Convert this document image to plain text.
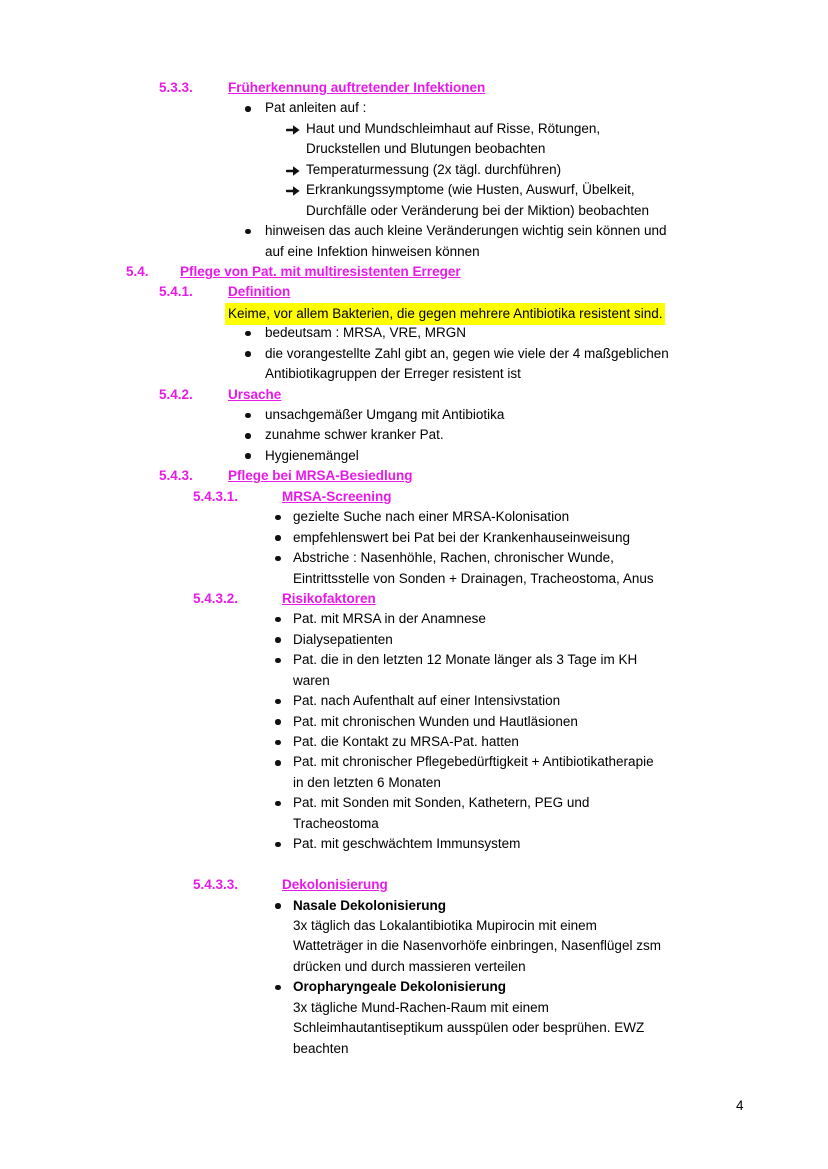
5.3.3.	Früherkennung auftretender Infektionen
Pat anleiten auf :
Haut und Mundschleimhaut auf Risse, Rötungen,
Druckstellen und Blutungen beobachten
Temperaturmessung (2x tägl. durchführen)
Erkrankungssymptome (wie Husten, Auswurf, Übelkeit,
Durchfälle oder Veränderung bei der Miktion) beobachten
hinweisen das auch kleine Veränderungen wichtig sein können und
auf eine Infektion hinweisen können
5.4. Pflege von Pat. mit multiresistenten Erreger
5.4.1.	Definition
Keime, vor allem Bakterien, die gegen mehrere Antibiotika resistent sind.
bedeutsam : MRSA, VRE, MRGN
die vorangestellte Zahl gibt an, gegen wie viele der 4 maßgeblichen
Antibiotikagruppen der Erreger resistent ist
5.4.2.	Ursache
unsachgemäßer Umgang mit Antibiotika
zunahme schwer kranker Pat.
Hygienemängel
5.4.3.	Pflege bei MRSA-Besiedlung
5.4.3.1.	MRSA-Screening
gezielte Suche nach einer MRSA-Kolonisation
empfehlenswert bei Pat bei der Krankenhauseinweisung
Abstriche : Nasenhöhle, Rachen, chronischer Wunde,
Eintrittsstelle von Sonden + Drainagen, Tracheostoma, Anus
5.4.3.2.	Risikofaktoren
Pat. mit MRSA in der Anamnese
Dialysepatienten
Pat. die in den letzten 12 Monate länger als 3 Tage im KH
waren
Pat. nach Aufenthalt auf einer Intensivstation
Pat. mit chronischen Wunden und Hautläsionen
Pat. die Kontakt zu MRSA-Pat. hatten
Pat. mit chronischer Pflegebedürftigkeit + Antibiotikatherapie
in den letzten 6 Monaten
Pat. mit Sonden mit Sonden, Kathetern, PEG und
Tracheostoma
Pat. mit geschwächtem Immunsystem
5.4.3.3.	Dekolonisierung
Nasale Dekolonisierung
3x täglich das Lokalantibiotika Mupirocin mit einem
Watteträger in die Nasenvorhöfe einbringen, Nasenflügel zsm
drücken und durch massieren verteilen
Oropharyngeale Dekolonisierung
3x tägliche Mund-Rachen-Raum mit einem
Schleimhautantiseptikum ausspülen oder besprühen. EWZ
beachten
4
